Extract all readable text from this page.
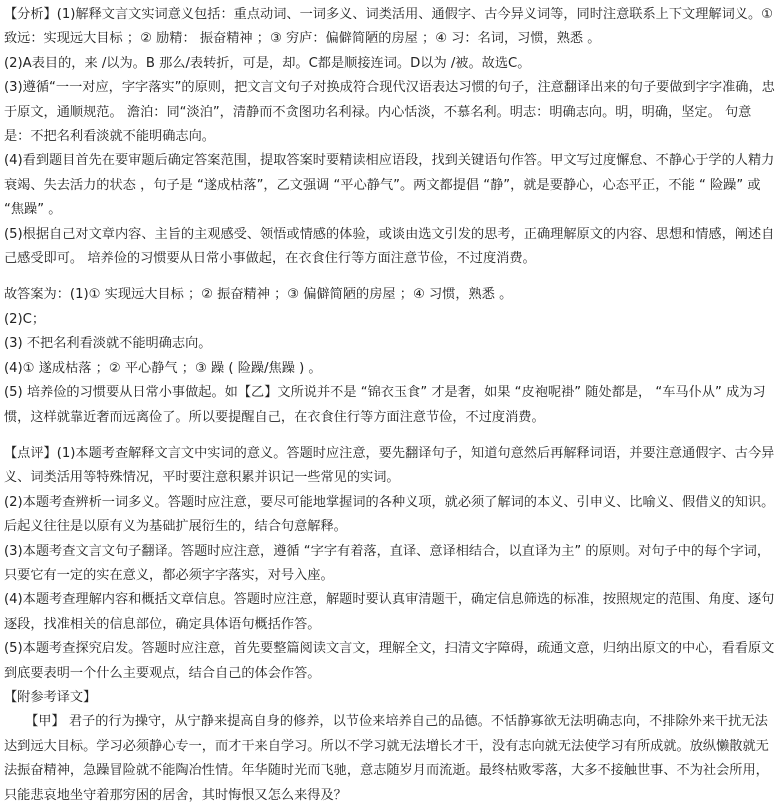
【分析】(1)解释文言文实词意义包括：重点动词、一词多义、词类活用、通假字、古今异义词等，同时注意联系上下文理解词义。① 致远：实现远大目标 ；② 励精： 振奋精神 ；③ 穷庐：偏僻简陋的房屋 ；④ 习：名词，习惯，熟悉 。

(2)A表目的，来 /以为。B 那么/表转折，可是，却。C都是顺接连词。D以为 /被。故选C。

(3)遵循“一一对应，字字落实”的原则，把文言文句子对换成符合现代汉语表达习惯的句子，注意翻译出来的句子要做到字字准确，忠于原文，通顺规范。 澹泊：同“淡泊”，清静而不贪图功名利禄。内心恬淡，不慕名利。明志：明确志向。明，明确，坚定。 句意是：不把名利看淡就不能明确志向。

(4)看到题目首先在要审题后确定答案范围，提取答案时要精读相应语段，找到关键语句作答。甲文写过度懈怠、不静心于学的人精力衰竭、失去活力的状态 ，句子是 “遂成枯落”，乙文强调 “平心静气”。两文都提倡 “静”，就是要静心，心态平正，不能 “ 险躁” 或 “焦躁” 。

(5)根据自己对文章内容、主旨的主观感受、领悟或情感的体验，或谈由选文引发的思考，正确理解原文的内容、思想和情感，阐述自己感受即可。 培养俭的习惯要从日常小事做起，在衣食住行等方面注意节俭，不过度消费。

故答案为：(1)① 实现远大目标 ；② 振奋精神 ；③ 偏僻简陋的房屋 ；④ 习惯，熟悉 。

(2)C；

(3) 不把名利看淡就不能明确志向。

(4)① 遂成枯落 ；② 平心静气 ；③ 躁 ( 险躁/焦躁 ) 。

(5) 培养俭的习惯要从日常小事做起。如【乙】文所说并不是 “锦衣玉食” 才是奢，如果 “皮袍呢褂” 随处都是， “车马仆从” 成为习惯，这样就靠近奢而远离俭了。所以要提醒自己，在衣食住行等方面注意节俭，不过度消费。

【点评】(1)本题考查解释文言文中实词的意义。答题时应注意，要先翻译句子，知道句意然后再解释词语，并要注意通假字、古今异义、词类活用等特殊情况，平时要注意积累并识记一些常见的实词。

(2)本题考查辨析一词多义。答题时应注意，要尽可能地掌握词的各种义项，就必须了解词的本义、引申义、比喻义、假借义的知识。后起义往往是以原有义为基础扩展衍生的，结合句意解释。

(3)本题考查文言文句子翻译。答题时应注意，遵循 “字字有着落，直译、意译相结合，以直译为主” 的原则。对句子中的每个字词，只要它有一定的实在意义，都必须字字落实，对号入座。

(4)本题考查理解内容和概括文章信息。答题时应注意，解题时要认真审清题干，确定信息筛选的标准，按照规定的范围、角度、逐句逐段，找准相关的信息部位，确定具体语句概括作答。

(5)本题考查探究启发。答题时应注意，首先要整篇阅读文言文，理解全文，扫清文字障碍，疏通文意，归纳出原文的中心，看看原文到底要表明一个什么主要观点，结合自己的体会作答。

【附参考译文】

【甲】 君子的行为操守，从宁静来提高自身的修养，以节俭来培养自己的品德。不恬静寡欲无法明确志向，不排除外来干扰无法达到远大目标。学习必须静心专一，而才干来自学习。所以不学习就无法增长才干，没有志向就无法使学习有所成就。放纵懒散就无法振奋精神，急躁冒险就不能陶冶性情。年华随时光而飞驰，意志随岁月而流逝。最终枯败零落，大多不接触世事、不为社会所用，只能悲哀地坐守着那穷困的居舍，其时悔恨又怎么来得及？
